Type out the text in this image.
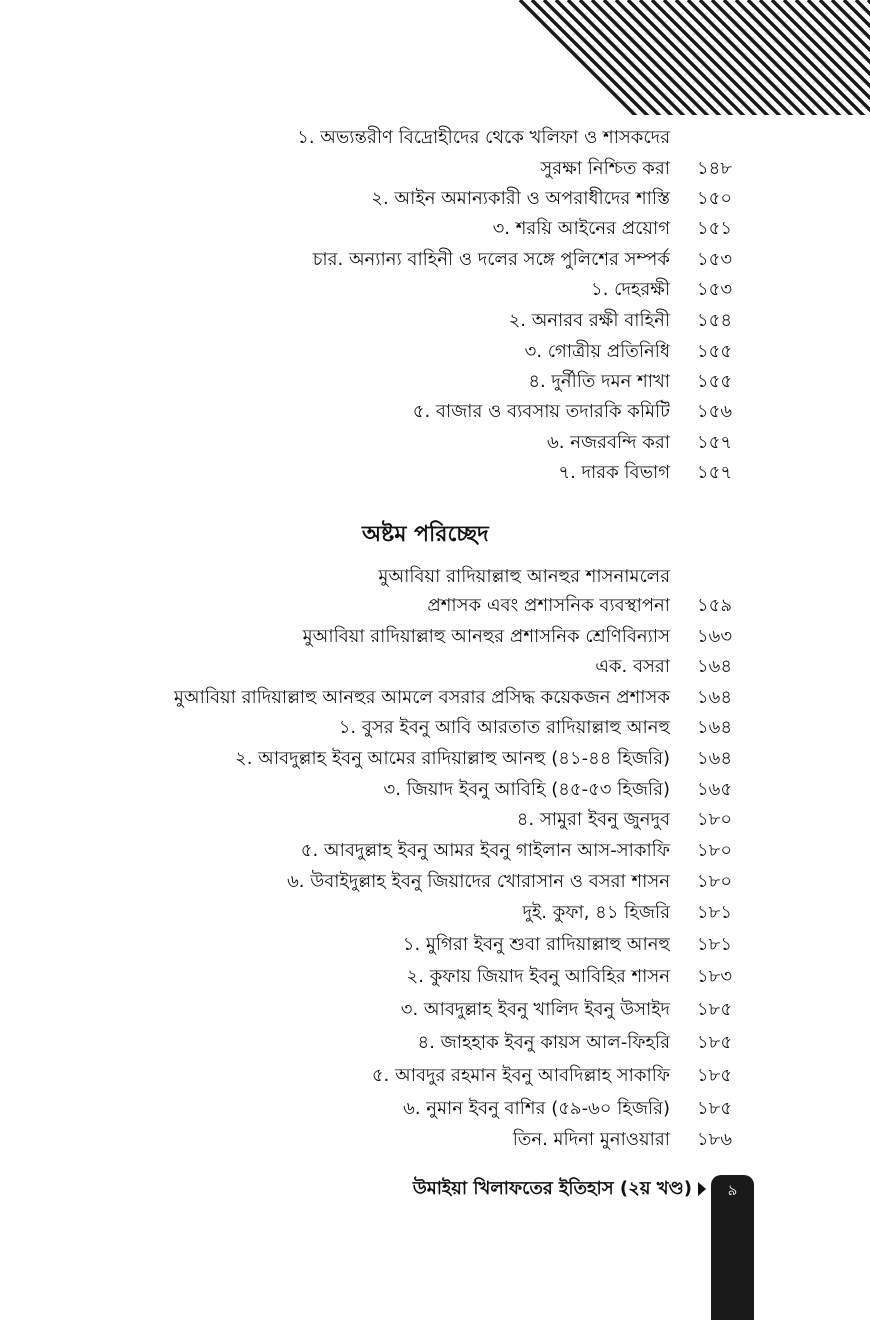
১. অভ্যন্তরীণ বিদ্রোহীদের থেকে খলিফা ও শাসকদের
সুরক্ষা নিশ্চিত করা ১৪৮
২. আইন অমান্যকারী ও অপরাধীদের শাস্তি ১৫০
৩. শরয়ি আইনের প্রয়োগ ১৫১
চার. অন্যান্য বাহিনী ও দলের সঙ্গে পুলিশের সম্পর্ক ১৫৩
১. দেহরক্ষী ১৫৩
২. অনারব রক্ষী বাহিনী ১৫৪
৩. গোত্রীয় প্রতিনিধি ১৫৫
৪. দুর্নীতি দমন শাখা ১৫৫
৫. বাজার ও ব্যবসায় তদারকি কমিটি ১৫৬
৬. নজরবন্দি করা ১৫৭
৭. দারক বিভাগ ১৫৭
অষ্টম পরিচ্ছেদ
মুআবিয়া রাদিয়াল্লাহু আনহুর শাসনামলের
প্রশাসক এবং প্রশাসনিক ব্যবস্থাপনা ১৫৯
মুআবিয়া রাদিয়াল্লাহু আনহুর প্রশাসনিক শ্রেণিবিন্যাস ১৬৩
এক. বসরা ১৬৪
মুআবিয়া রাদিয়াল্লাহু আনহুর আমলে বসরার প্রসিদ্ধ কয়েকজন প্রশাসক ১৬৪
১. বুসর ইবনু আবি আরতাত রাদিয়াল্লাহু আনহু ১৬৪
২. আবদুল্লাহ ইবনু আমের রাদিয়াল্লাহু আনহু (৪১-৪৪ হিজরি) ১৬৪
৩. জিয়াদ ইবনু আবিহি (৪৫-৫৩ হিজরি) ১৬৫
৪. সামুরা ইবনু জুনদুব ১৮০
৫. আবদুল্লাহ ইবনু আমর ইবনু গাইলান আস-সাকাফি ১৮০
৬. উবাইদুল্লাহ ইবনু জিয়াদের খোরাসান ও বসরা শাসন ১৮০
দুই. কুফা, ৪১ হিজরি ১৮১
১. মুগিরা ইবনু শুবা রাদিয়াল্লাহু আনহু ১৮১
২. কুফায় জিয়াদ ইবনু আবিহির শাসন ১৮৩
৩. আবদুল্লাহ ইবনু খালিদ ইবনু উসাইদ ১৮৫
৪. জাহহাক ইবনু কায়স আল-ফিহরি ১৮৫
৫. আবদুর রহমান ইবনু আবদিল্লাহ সাকাফি ১৮৫
৬. নুমান ইবনু বাশির (৫৯-৬০ হিজরি) ১৮৫
তিন. মদিনা মুনাওয়ারা ১৮৬
উমাইয়া খিলাফতের ইতিহাস (২য় খণ্ড)	৯
